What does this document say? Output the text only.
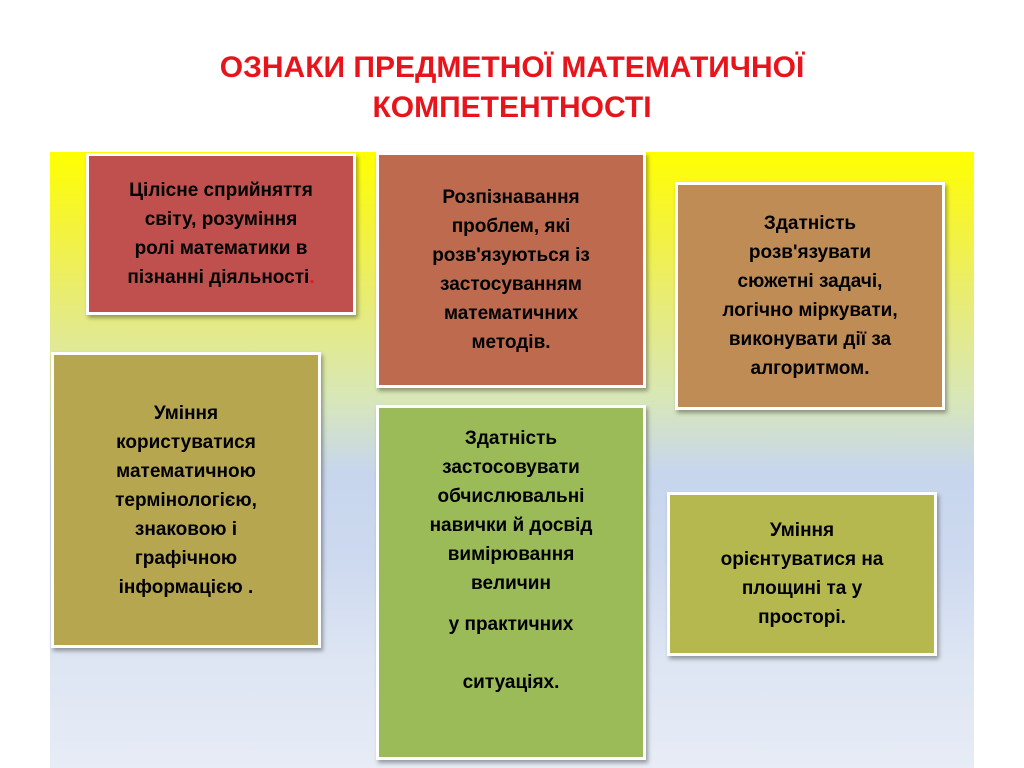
ОЗНАКИ ПРЕДМЕТНОЇ МАТЕМАТИЧНОЇ
КОМПЕТЕНТНОСТІ
Цілісне сприйняття
світу, розуміння
ролі математики в
пізнанні діяльності.
Розпізнавання
проблем, які
розв'язуються із
застосуванням
математичних
методів.
Здатність
розв'язувати
сюжетні задачі,
логічно міркувати,
виконувати дії за
алгоритмом.
Уміння
користуватися
математичною
термінологією,
знаковою і
графічною
інформацією .
Здатність
застосовувати
обчислювальні
навички й досвід
вимірювання
величин
у практичних
ситуаціях.
Уміння
орієнтуватися на
площині та у
просторі.
